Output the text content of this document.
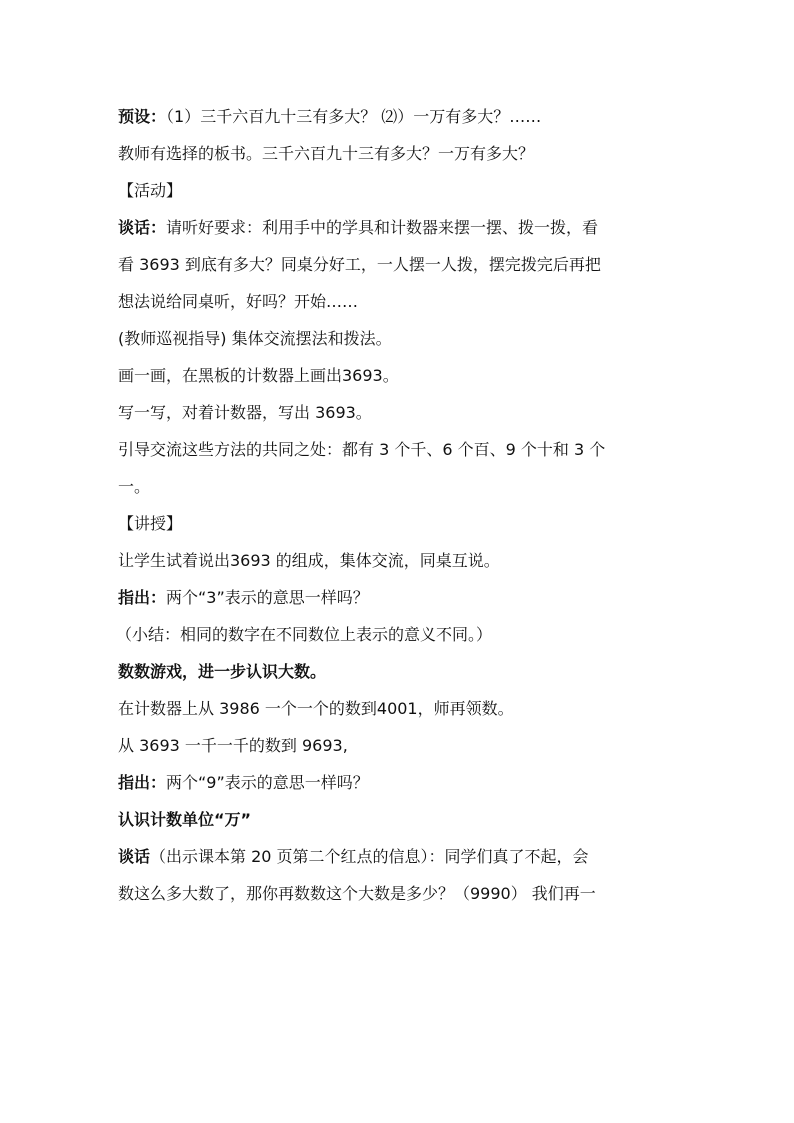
预设：（1）三千六百九十三有多大？ ⑵）一万有多大？……
教师有选择的板书。三千六百九十三有多大？一万有多大？
【活动】
谈话：请听好要求：利用手中的学具和计数器来摆一摆、拨一拨，看
看 3693 到底有多大？同桌分好工，一人摆一人拨，摆完拨完后再把
想法说给同桌听，好吗？开始……
(教师巡视指导) 集体交流摆法和拨法。
画一画，在黑板的计数器上画出3693。
写一写，对着计数器，写出 3693。
引导交流这些方法的共同之处：都有 3 个千、6 个百、9 个十和 3 个
一。
【讲授】
让学生试着说出3693 的组成，集体交流，同桌互说。
指出：两个“3”表示的意思一样吗？
（小结：相同的数字在不同数位上表示的意义不同。）
数数游戏，进一步认识大数。
在计数器上从 3986 一个一个的数到4001，师再领数。
从 3693 一千一千的数到 9693,
指出：两个“9”表示的意思一样吗？
认识计数单位“万”
谈话（出示课本第 20 页第二个红点的信息）：同学们真了不起，会
数这么多大数了，那你再数数这个大数是多少？（9990） 我们再一
